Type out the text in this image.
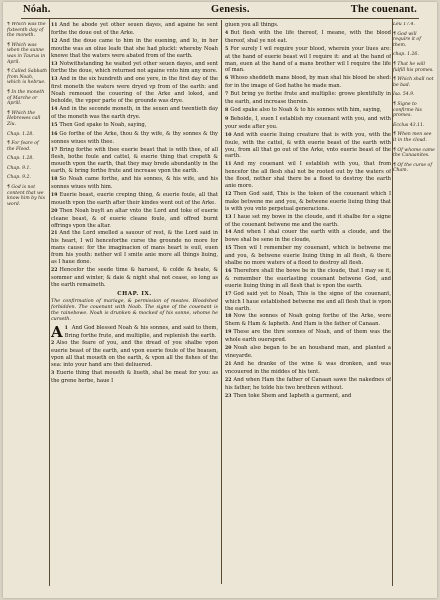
Nóah.	Genesis.	The couenant.
¶ Which was the fixteenth day of the moneth.
¶ Which was when the sunne was in Taurus in April.
¶ Called Sabbath from Noah, which is hebrue.
¶ In the moneth of Marche or Aprill.
¶ Which the Hebrewes call Ziu.
Chap. 1.28.
¶ For feare of the Flood.
Chap. 1.28.
Chap. 9.1.
Chap. 9.2.
¶ God is not content that we know him by his word.
Leu 17.4.
¶ God will require it of them.
chap. 1.26.
¶ That he will fulfill his promes.
¶ Which shall not be bad.
Isa. 54.9.
¶ Signe to confirme his promes.
Ecclus 43.11.
¶ When men see it in the cloud.
¶ Of whome came the Canaanites.
¶ Of the curse of Cham.
11 And he abode yet other seuen dayes, and againe he sent forthe the doue out of the Arke.
12 And the doue came to him in the euening, and lo, in her mouthe was an oliue leafe that she had pluckt: whereby Noah knewe that the waters were abated from of the earth.
13 Notwithstanding he waited yet other seuen dayes, and sent forthe the doue, which returned not againe vnto him any more.
13 And in the six hundreth and one yere, in the first day of the first moneth the waters were dryed vp from of the earth: and Noah remoued the couering of the Arke and loked, and beholde, the vpper parte of the grounde was drye.
14 And in the seconde moneth, in the seuen and twentieth day of the moneth was the earth drye.
15 Then God spake to Noah, saying,
16 Go forthe of the Arke, thou & thy wife, & thy sonnes & thy sonnes wiues with thee.
17 Bring forthe with thee euerie beast that is with thee, of all flesh, bothe foule and cattel, & euerie thing that crepeth & moueth vpon the earth, that they may brede abundantly in the earth, & bring forthe frute and increase vpon the earth.
18 So Noah came forthe, and his sonnes, & his wife, and his sonnes wiues with him.
19 Euerie beast, euerie creping thing, & euerie foule, all that moueth vpon the earth after their kindes went out of the Arke.
20 Then Noah buylt an altar vnto the Lord and toke of euerie cleane beast, & of euerie cleane foule, and offred burnt offrings vpon the altar.
21 And the Lord smelled a sauour of rest, & the Lord said in his heart, I wil henceforthe curse the grounde no more for mans cause: for the imaginacion of mans heart is euil, euen from his youth: nether wil I smite anie more all things liuing, as I haue done.
22 Hencefor the seede time & haruest, & colde & heate, & sommer and winter, & daie & night shal not cease, so long as the earth remaineth.
CHAP. IX.
The confirmation of mariage, & permission of meates. Bloodshed forbidden. The couenant with Noah. The signe of the couenant is the rainebowe. Noah is drunken & mocked of his sonne, whome he curseth.
A 1 And God blessed Noah & his sonnes, and said to them, Bring forthe frute, and multiplie, and replenish the earth.
2 Also the feare of you, and the dread of you shalbe vpon euerie beast of the earth, and vpon euerie foule of the heauen, vpon all that moueth on the earth, & vpon all the fishes of the sea: into your hand are thei deliuered.
3 Euerie thing that moueth & liueth, shal be meat for you: as the grene herbe, haue I
giuen you all things.
4 But flesh with the life thereof, I meane, with the blood thereof, shal ye not eat.
5 For surely I wil require your blood, wherein your liues are: at the hand of euerie beast wil I require it: and at the hand of man, euen at the hand of a mans brother wil I require the life of man.
6 Whoso sheddeth mans blood, by man shal his blood be shed: for in the image of God hathe he made man.
7 But bring ye forthe frute and multiplie: growe plentifully in the earth, and increase therein.
8 God spake also to Noah & to his sonnes with him, saying,
9 Beholde, I, euen I establish my couenant with you, and with your sede after you.
10 And with euerie liuing creature that is with you, with the foule, with the cattel, & with euerie beast of the earth with you, from all that go out of the Arke, vnto euerie beast of the earth.
11 And my couenant wil I establish with you, that from hencefor the all flesh shal not be rooted out by the waters of the flood, nether shal there be a flood to destroy the earth anie more.
12 Then God said, This is the token of the couenant which I make betwene me and you, & betwene euerie liuing thing that is with you vnto perpetual generacions.
13 I haue set my bowe in the cloude, and it shalbe for a signe of the couenant betwene me and the earth.
14 And when I shal couer the earth with a cloude, and the bowe shal be sene in the cloude,
15 Then wil I remember my couenant, which is betwene me and you, & betwene euerie liuing thing in all flesh, & there shalbe no more waters of a flood to destroy all flesh.
16 Therefore shall the bowe be in the cloude, that I may se it, & remember the euerlasting couenant betwene God, and euerie liuing thing in all flesh that is vpon the earth.
17 God said yet to Noah, This is the signe of the couenant, which I haue established betwene me and all flesh that is vpon the earth.
18 Now the sonnes of Noah going forthe of the Arke, were Shem & Ham & Iapheth. And Ham is the father of Canaan.
19 These are the thre sonnes of Noah, and of them was the whole earth ouerspred.
20 Noah also began to be an housband man, and planted a vineyarde.
21 And he dranke of the wine & was dronken, and was vncouered in the middes of his tent.
22 And when Ham the father of Canaan sawe the nakednes of his father, he tolde his two brethren without.
23 Then toke Shem and Iapheth a garment, and
